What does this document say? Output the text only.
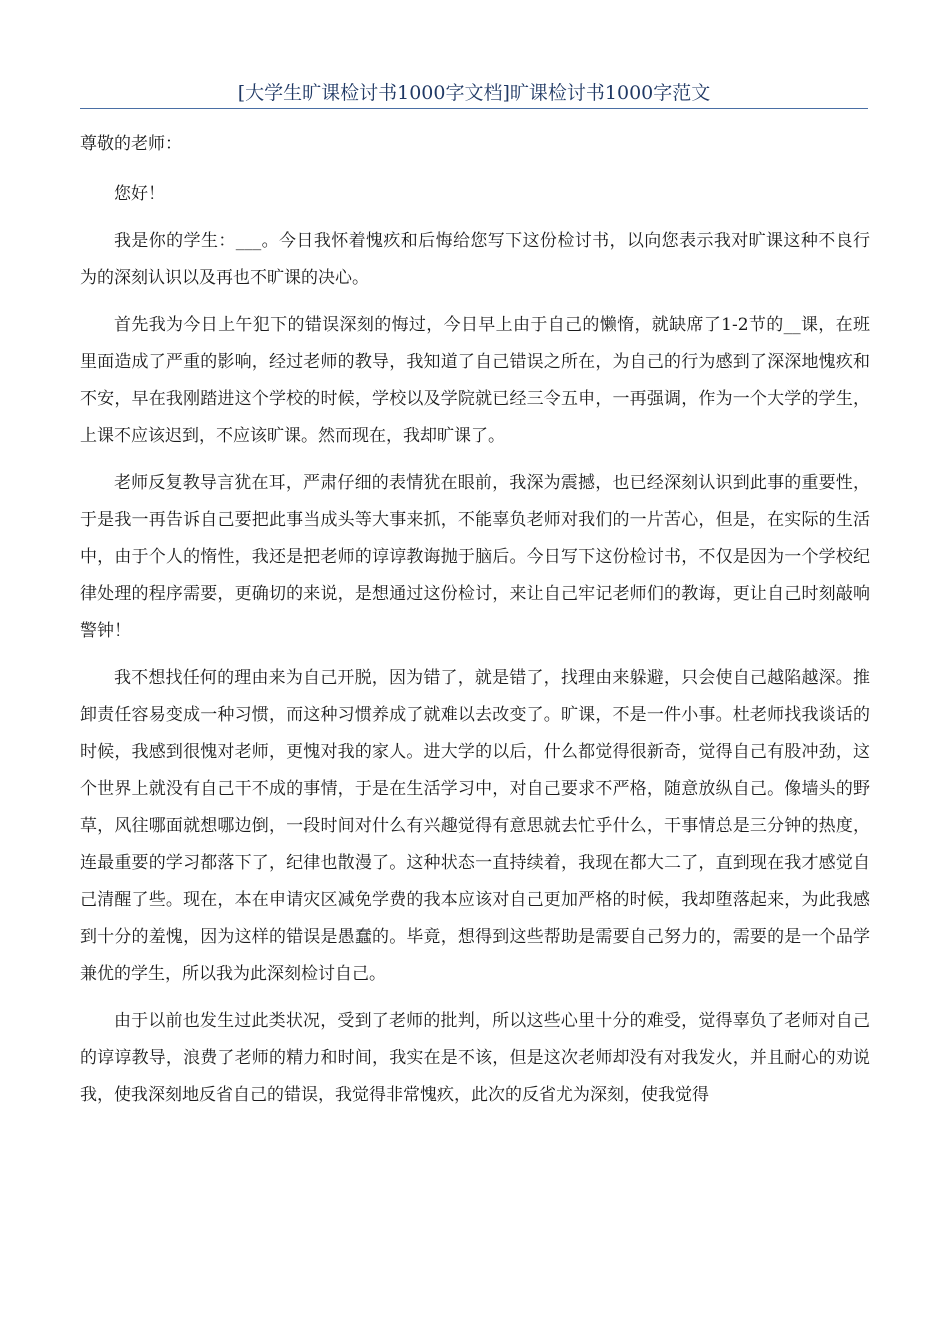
[大学生旷课检讨书1000字文档]旷课检讨书1000字范文

尊敬的老师：

您好！

我是你的学生：___。今日我怀着愧疚和后悔给您写下这份检讨书，以向您表示我对旷课这种不良行为的深刻认识以及再也不旷课的决心。

首先我为今日上午犯下的错误深刻的悔过，今日早上由于自己的懒惰，就缺席了1-2节的__课，在班里面造成了严重的影响，经过老师的教导，我知道了自己错误之所在，为自己的行为感到了深深地愧疚和不安，早在我刚踏进这个学校的时候，学校以及学院就已经三令五申，一再强调，作为一个大学的学生，上课不应该迟到，不应该旷课。然而现在，我却旷课了。

老师反复教导言犹在耳，严肃仔细的表情犹在眼前，我深为震撼，也已经深刻认识到此事的重要性，于是我一再告诉自己要把此事当成头等大事来抓，不能辜负老师对我们的一片苦心，但是，在实际的生活中，由于个人的惰性，我还是把老师的谆谆教诲抛于脑后。今日写下这份检讨书，不仅是因为一个学校纪律处理的程序需要，更确切的来说，是想通过这份检讨，来让自己牢记老师们的教诲，更让自己时刻敲响警钟！

我不想找任何的理由来为自己开脱，因为错了，就是错了，找理由来躲避，只会使自己越陷越深。推卸责任容易变成一种习惯，而这种习惯养成了就难以去改变了。旷课，不是一件小事。杜老师找我谈话的时候，我感到很愧对老师，更愧对我的家人。进大学的以后，什么都觉得很新奇，觉得自己有股冲劲，这个世界上就没有自己干不成的事情，于是在生活学习中，对自己要求不严格，随意放纵自己。像墙头的野草，风往哪面就想哪边倒，一段时间对什么有兴趣觉得有意思就去忙乎什么，干事情总是三分钟的热度，连最重要的学习都落下了，纪律也散漫了。这种状态一直持续着，我现在都大二了，直到现在我才感觉自己清醒了些。现在，本在申请灾区减免学费的我本应该对自己更加严格的时候，我却堕落起来，为此我感到十分的羞愧，因为这样的错误是愚蠢的。毕竟，想得到这些帮助是需要自己努力的，需要的是一个品学兼优的学生，所以我为此深刻检讨自己。

由于以前也发生过此类状况，受到了老师的批判，所以这些心里十分的难受，觉得辜负了老师对自己的谆谆教导，浪费了老师的精力和时间，我实在是不该，但是这次老师却没有对我发火，并且耐心的劝说我，使我深刻地反省自己的错误，我觉得非常愧疚，此次的反省尤为深刻，使我觉得
